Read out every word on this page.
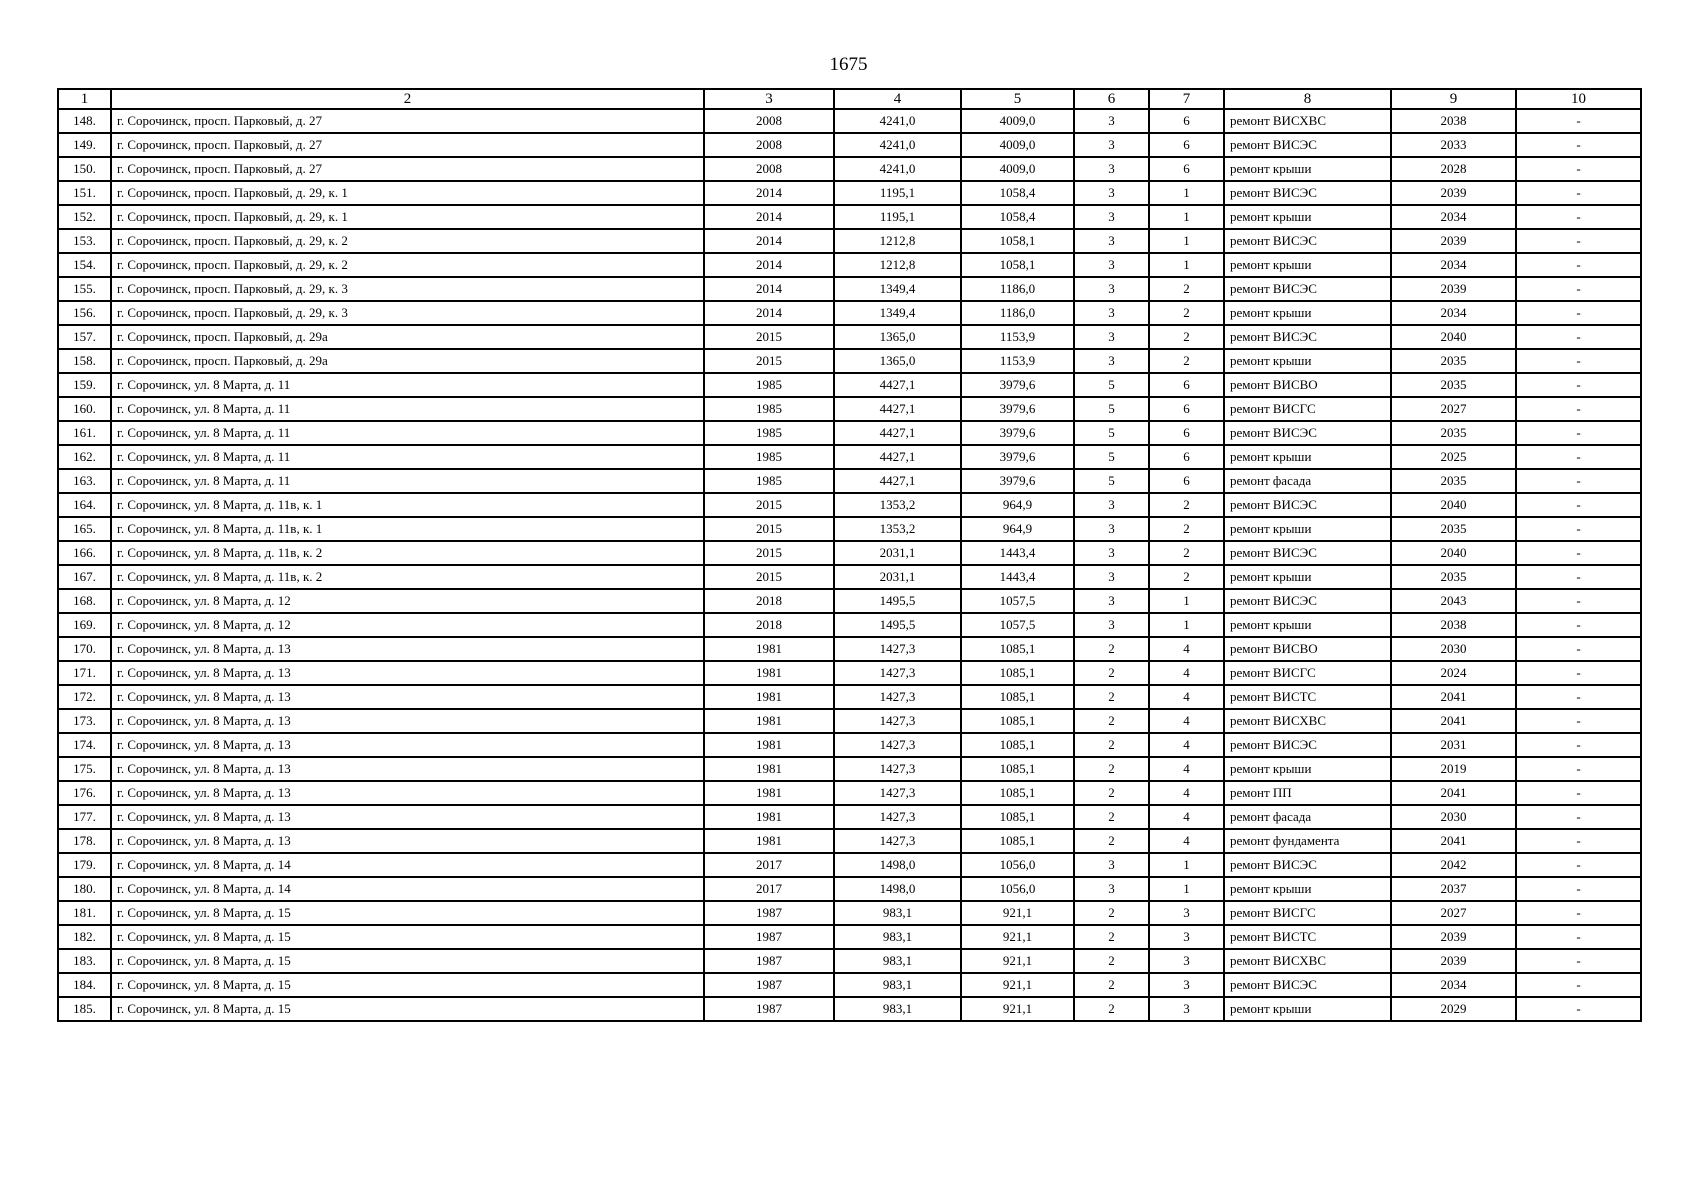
1675
1	2	3	4	5	6	7	8	9	10
148.	г. Сорочинск, просп. Парковый, д. 27	2008	4241,0	4009,0	3	6	ремонт ВИСХВС	2038	-
149.	г. Сорочинск, просп. Парковый, д. 27	2008	4241,0	4009,0	3	6	ремонт ВИСЭС	2033	-
150.	г. Сорочинск, просп. Парковый, д. 27	2008	4241,0	4009,0	3	6	ремонт крыши	2028	-
151.	г. Сорочинск, просп. Парковый, д. 29, к. 1	2014	1195,1	1058,4	3	1	ремонт ВИСЭС	2039	-
152.	г. Сорочинск, просп. Парковый, д. 29, к. 1	2014	1195,1	1058,4	3	1	ремонт крыши	2034	-
153.	г. Сорочинск, просп. Парковый, д. 29, к. 2	2014	1212,8	1058,1	3	1	ремонт ВИСЭС	2039	-
154.	г. Сорочинск, просп. Парковый, д. 29, к. 2	2014	1212,8	1058,1	3	1	ремонт крыши	2034	-
155.	г. Сорочинск, просп. Парковый, д. 29, к. 3	2014	1349,4	1186,0	3	2	ремонт ВИСЭС	2039	-
156.	г. Сорочинск, просп. Парковый, д. 29, к. 3	2014	1349,4	1186,0	3	2	ремонт крыши	2034	-
157.	г. Сорочинск, просп. Парковый, д. 29а	2015	1365,0	1153,9	3	2	ремонт ВИСЭС	2040	-
158.	г. Сорочинск, просп. Парковый, д. 29а	2015	1365,0	1153,9	3	2	ремонт крыши	2035	-
159.	г. Сорочинск, ул. 8 Марта, д. 11	1985	4427,1	3979,6	5	6	ремонт ВИСВО	2035	-
160.	г. Сорочинск, ул. 8 Марта, д. 11	1985	4427,1	3979,6	5	6	ремонт ВИСГС	2027	-
161.	г. Сорочинск, ул. 8 Марта, д. 11	1985	4427,1	3979,6	5	6	ремонт ВИСЭС	2035	-
162.	г. Сорочинск, ул. 8 Марта, д. 11	1985	4427,1	3979,6	5	6	ремонт крыши	2025	-
163.	г. Сорочинск, ул. 8 Марта, д. 11	1985	4427,1	3979,6	5	6	ремонт фасада	2035	-
164.	г. Сорочинск, ул. 8 Марта, д. 11в, к. 1	2015	1353,2	964,9	3	2	ремонт ВИСЭС	2040	-
165.	г. Сорочинск, ул. 8 Марта, д. 11в, к. 1	2015	1353,2	964,9	3	2	ремонт крыши	2035	-
166.	г. Сорочинск, ул. 8 Марта, д. 11в, к. 2	2015	2031,1	1443,4	3	2	ремонт ВИСЭС	2040	-
167.	г. Сорочинск, ул. 8 Марта, д. 11в, к. 2	2015	2031,1	1443,4	3	2	ремонт крыши	2035	-
168.	г. Сорочинск, ул. 8 Марта, д. 12	2018	1495,5	1057,5	3	1	ремонт ВИСЭС	2043	-
169.	г. Сорочинск, ул. 8 Марта, д. 12	2018	1495,5	1057,5	3	1	ремонт крыши	2038	-
170.	г. Сорочинск, ул. 8 Марта, д. 13	1981	1427,3	1085,1	2	4	ремонт ВИСВО	2030	-
171.	г. Сорочинск, ул. 8 Марта, д. 13	1981	1427,3	1085,1	2	4	ремонт ВИСГС	2024	-
172.	г. Сорочинск, ул. 8 Марта, д. 13	1981	1427,3	1085,1	2	4	ремонт ВИСТС	2041	-
173.	г. Сорочинск, ул. 8 Марта, д. 13	1981	1427,3	1085,1	2	4	ремонт ВИСХВС	2041	-
174.	г. Сорочинск, ул. 8 Марта, д. 13	1981	1427,3	1085,1	2	4	ремонт ВИСЭС	2031	-
175.	г. Сорочинск, ул. 8 Марта, д. 13	1981	1427,3	1085,1	2	4	ремонт крыши	2019	-
176.	г. Сорочинск, ул. 8 Марта, д. 13	1981	1427,3	1085,1	2	4	ремонт ПП	2041	-
177.	г. Сорочинск, ул. 8 Марта, д. 13	1981	1427,3	1085,1	2	4	ремонт фасада	2030	-
178.	г. Сорочинск, ул. 8 Марта, д. 13	1981	1427,3	1085,1	2	4	ремонт фундамента	2041	-
179.	г. Сорочинск, ул. 8 Марта, д. 14	2017	1498,0	1056,0	3	1	ремонт ВИСЭС	2042	-
180.	г. Сорочинск, ул. 8 Марта, д. 14	2017	1498,0	1056,0	3	1	ремонт крыши	2037	-
181.	г. Сорочинск, ул. 8 Марта, д. 15	1987	983,1	921,1	2	3	ремонт ВИСГС	2027	-
182.	г. Сорочинск, ул. 8 Марта, д. 15	1987	983,1	921,1	2	3	ремонт ВИСТС	2039	-
183.	г. Сорочинск, ул. 8 Марта, д. 15	1987	983,1	921,1	2	3	ремонт ВИСХВС	2039	-
184.	г. Сорочинск, ул. 8 Марта, д. 15	1987	983,1	921,1	2	3	ремонт ВИСЭС	2034	-
185.	г. Сорочинск, ул. 8 Марта, д. 15	1987	983,1	921,1	2	3	ремонт крыши	2029	-
